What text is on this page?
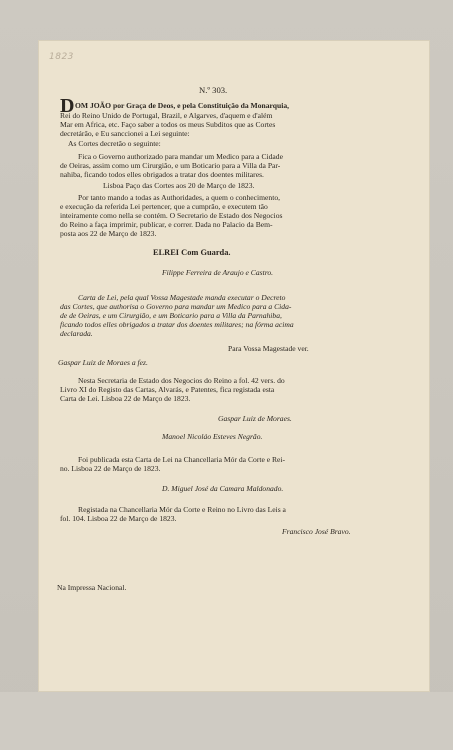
1823
N.º 303.
D OM JOÃO por Graça de Deos, e pela Constituição da Monarquia,
Rei do Reino Unido de Portugal, Brazil, e Algarves, d'aquem e d'além
Mar em Africa, etc. Faço saber a todos os meus Subditos que as Cortes
decretárão, e Eu sanccionei a Lei seguinte:
As Cortes decretão o seguinte:
Fica o Governo authorizado para mandar um Medico para a Cidade
de Oeiras, assim como um Cirurgião, e um Boticario para a Villa da Par-
nahiba, ficando todos elles obrigados a tratar dos doentes militares.
Lisboa Paço das Cortes aos 20 de Março de 1823.
Por tanto mando a todas as Authoridades, a quem o conhecimento,
e execução da referida Lei pertencer, que a cumprão, e executem tão
inteiramente como nella se contém. O Secretario de Estado dos Negocios
do Reino a faça imprimir, publicar, e correr. Dada no Palacio da Bem-
posta aos 22 de Março de 1823.
ELREI Com Guarda.
Filippe Ferreira de Araujo e Castro.
Carta de Lei, pela qual Vossa Magestade manda executar o Decreto
das Cortes, que authorisa o Governo para mandar um Medico para a Cida-
de de Oeiras, e um Cirurgião, e um Boticario para a Villa da Parnahiba,
ficando todos elles obrigados a tratar dos doentes militares; na fórma acima
declarada.
Para Vossa Magestade ver.
Gaspar Luiz de Moraes a fez.
Nesta Secretaria de Estado dos Negocios do Reino a fol. 42 vers. do
Livro XI do Registo das Cartas, Alvarás, e Patentes, fica registada esta
Carta de Lei. Lisboa 22 de Março de 1823.
Gaspar Luiz de Moraes.
Manoel Nicoláo Esteves Negrão.
Foi publicada esta Carta de Lei na Chancellaria Mór da Corte e Rei-
no. Lisboa 22 de Março de 1823.
D. Miguel José da Camara Maldonado.
Registada na Chancellaria Mór da Corte e Reino no Livro das Leis a
fol. 104. Lisboa 22 de Março de 1823.
Francisco José Bravo.
Na Impressa Nacional.
